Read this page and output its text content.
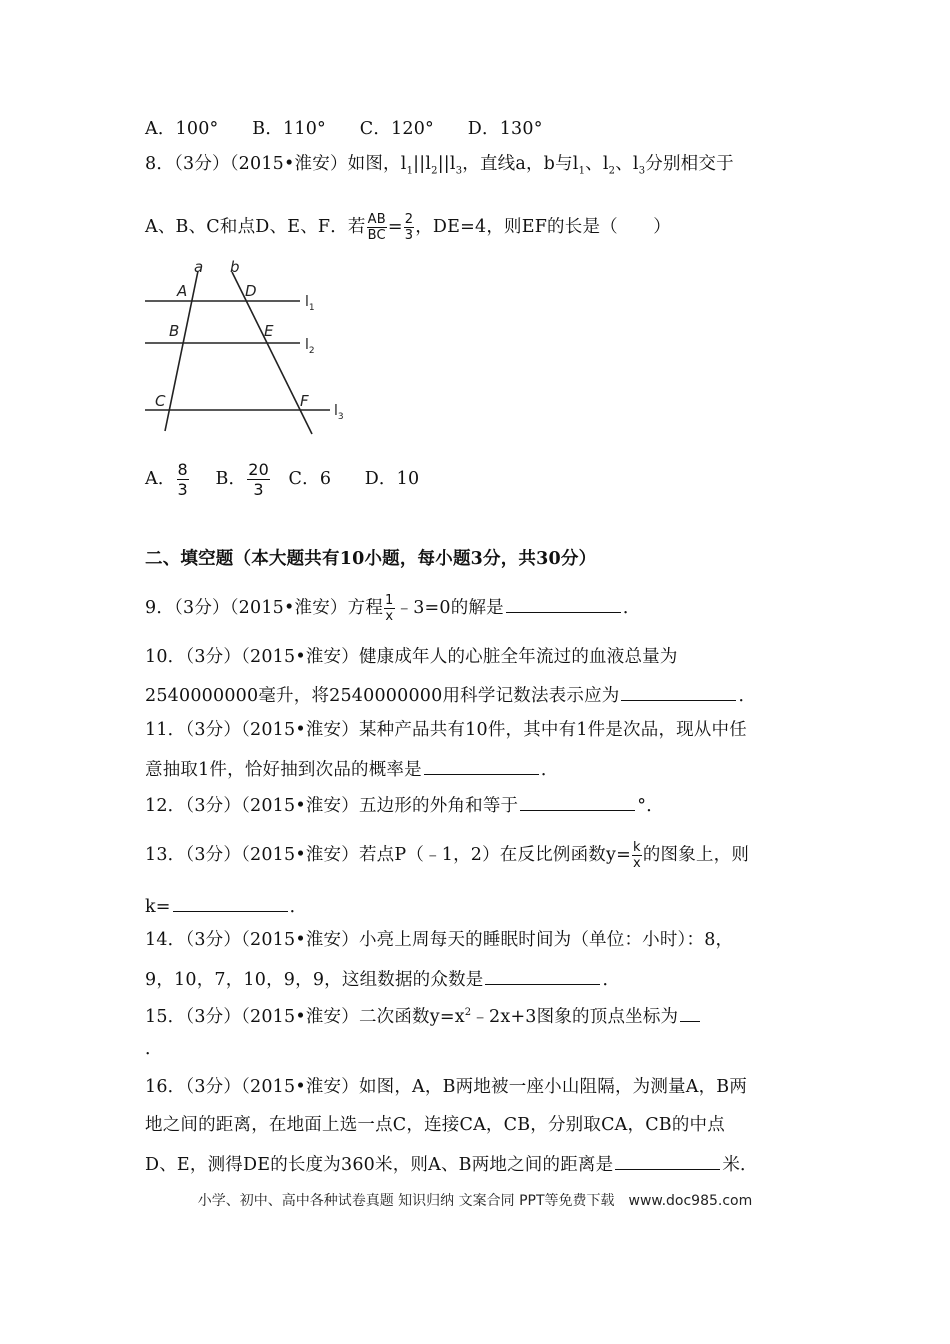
A．100° B．110° C．120° D．130°
8．（3分）（2015•淮安）如图，$l_1||l_2||l_3$，直线a，b与$l_1$、$l_2$、$l_3$分别相交于
A、B、C和点D、E、F．若 $\frac{AB}{BC} = \frac{2}{3}$ ，DE=4，则EF的长是（　　）
a b
A	D
B	E
C	F
$l_1$
$l_2$
$l_3$
A． $\frac{8}{3}$ B． $\frac{20}{3}$ C．6 D．10
二、填空题（本大题共有10小题，每小题3分，共30分）
9．（3分）（2015•淮安）方程 $\frac{1}{x}$ ﹣3=0的解是	．
10．（3分）（2015•淮安）健康成年人的心脏全年流过的血液总量为
2540000000毫升，将2540000000用科学记数法表示应为	．
11．（3分）（2015•淮安）某种产品共有10件，其中有1件是次品，现从中任
意抽取1件，恰好抽到次品的概率是	．
12．（3分）（2015•淮安）五边形的外角和等于	°．
13．（3分）（2015•淮安）若点P（﹣1，2）在反比例函数$y= \frac{k}{x}$ 的图象上，则
k=	．
14．（3分）（2015•淮安）小亮上周每天的睡眠时间为（单位：小时）：8，
9，10，7，10，9，9，这组数据的众数是	．
15．（3分）（2015•淮安）二次函数$y=x^2﹣2x+3$图象的顶点坐标为
．
16．（3分）（2015•淮安）如图，A，B两地被一座小山阻隔，为测量A，B两
地之间的距离，在地面上选一点C，连接CA，CB，分别取CA，CB的中点
D、E，测得DE的长度为360米，则A、B两地之间的距离是	米．
小学、初中、高中各种试卷真题 知识归纳 文案合同 PPT等免费下载　www.doc985.com
